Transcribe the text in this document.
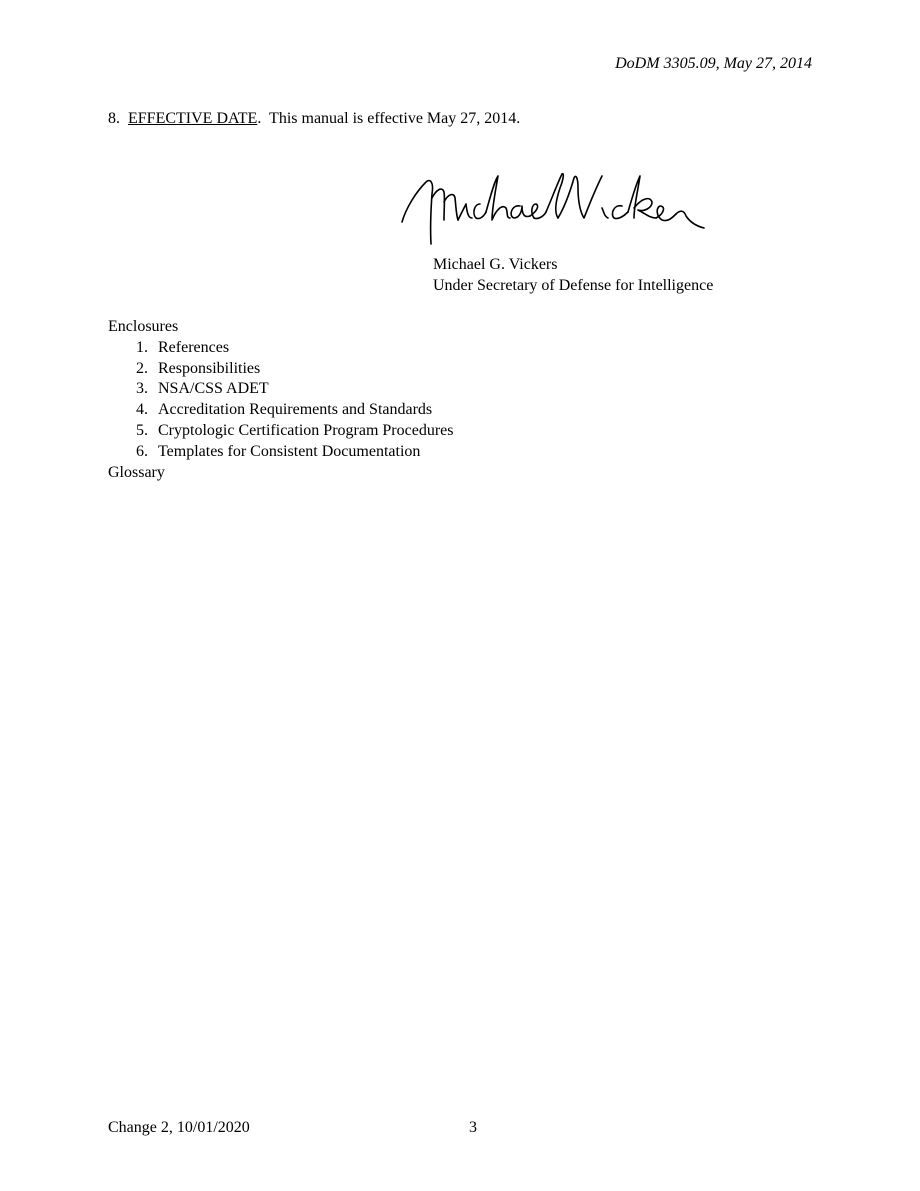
DoDM 3305.09, May 27, 2014
8. EFFECTIVE DATE. This manual is effective May 27, 2014.
Michael G. Vickers
Under Secretary of Defense for Intelligence
Enclosures
1. References
2. Responsibilities
3. NSA/CSS ADET
4. Accreditation Requirements and Standards
5. Cryptologic Certification Program Procedures
6. Templates for Consistent Documentation
Glossary
Change 2, 10/01/2020	3
